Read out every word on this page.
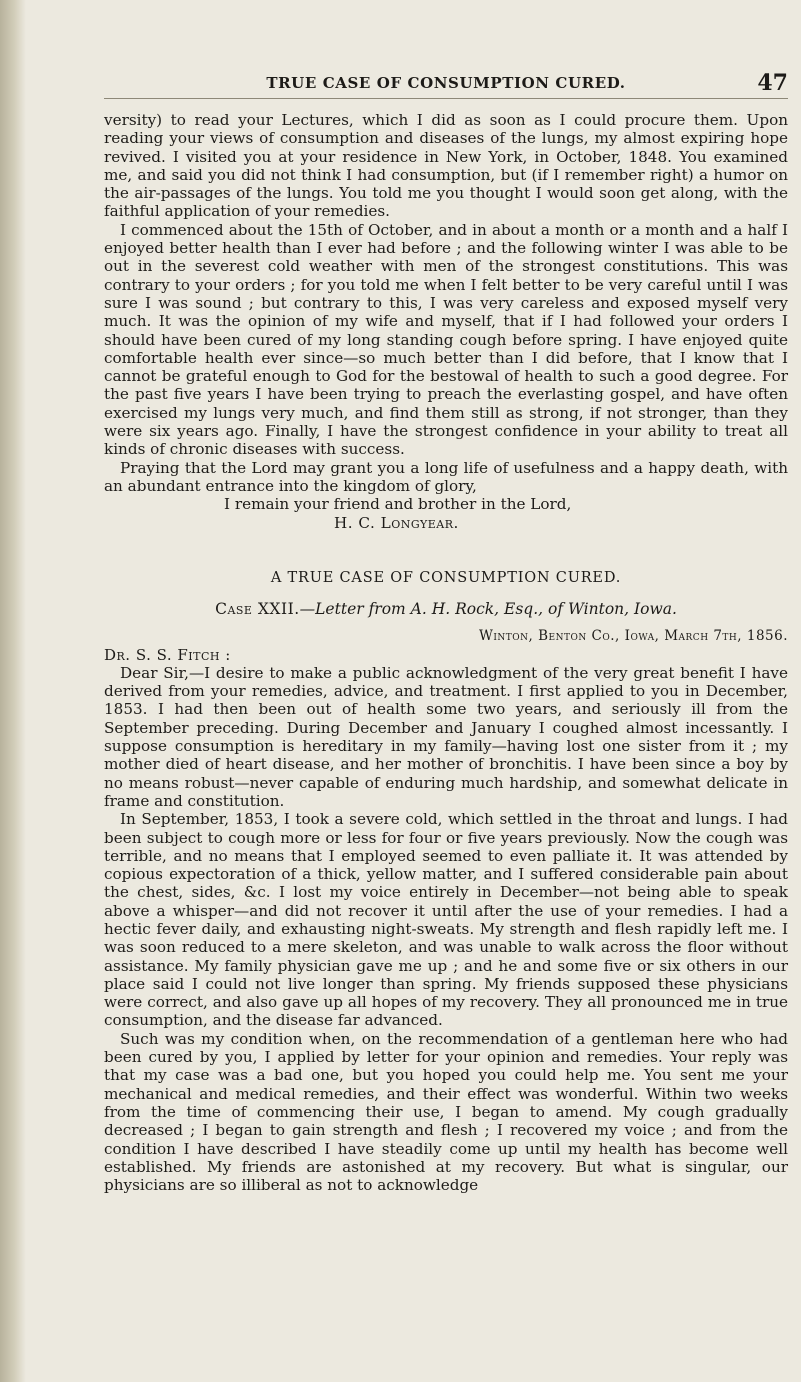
TRUE CASE OF CONSUMPTION CURED.	47

versity) to read your Lectures, which I did as soon as I could procure them. Upon reading your views of consumption and diseases of the lungs, my almost expiring hope revived. I visited you at your residence in New York, in October, 1848. You examined me, and said you did not think I had consumption, but (if I remember right) a humor on the air-passages of the lungs. You told me you thought I would soon get along, with the faithful application of your remedies.

I commenced about the 15th of October, and in about a month or a month and a half I enjoyed better health than I ever had before ; and the following winter I was able to be out in the severest cold weather with men of the strongest constitutions. This was contrary to your orders ; for you told me when I felt better to be very careful until I was sure I was sound ; but contrary to this, I was very careless and exposed myself very much. It was the opinion of my wife and myself, that if I had followed your orders I should have been cured of my long standing cough before spring. I have enjoyed quite comfortable health ever since—so much better than I did before, that I know that I cannot be grateful enough to God for the bestowal of health to such a good degree. For the past five years I have been trying to preach the everlasting gospel, and have often exercised my lungs very much, and find them still as strong, if not stronger, than they were six years ago. Finally, I have the strongest confidence in your ability to treat all kinds of chronic diseases with success.

Praying that the Lord may grant you a long life of usefulness and a happy death, with an abundant entrance into the kingdom of glory,
I remain your friend and brother in the Lord,
H. C. Longyear.
A TRUE CASE OF CONSUMPTION CURED.
Case XXII.—Letter from A. H. Rock, Esq., of Winton, Iowa.
Winton, Benton Co., Iowa, March 7th, 1856.
Dr. S. S. Fitch :

Dear Sir,—I desire to make a public acknowledgment of the very great benefit I have derived from your remedies, advice, and treatment. I first applied to you in December, 1853. I had then been out of health some two years, and seriously ill from the September preceding. During December and January I coughed almost incessantly. I suppose consumption is hereditary in my family—having lost one sister from it ; my mother died of heart disease, and her mother of bronchitis. I have been since a boy by no means robust—never capable of enduring much hardship, and somewhat delicate in frame and constitution.

In September, 1853, I took a severe cold, which settled in the throat and lungs. I had been subject to cough more or less for four or five years previously. Now the cough was terrible, and no means that I employed seemed to even palliate it. It was attended by copious expectoration of a thick, yellow matter, and I suffered considerable pain about the chest, sides, &c. I lost my voice entirely in December—not being able to speak above a whisper—and did not recover it until after the use of your remedies. I had a hectic fever daily, and exhausting night-sweats. My strength and flesh rapidly left me. I was soon reduced to a mere skeleton, and was unable to walk across the floor without assistance. My family physician gave me up ; and he and some five or six others in our place said I could not live longer than spring. My friends supposed these physicians were correct, and also gave up all hopes of my recovery. They all pronounced me in true consumption, and the disease far advanced.

Such was my condition when, on the recommendation of a gentleman here who had been cured by you, I applied by letter for your opinion and remedies. Your reply was that my case was a bad one, but you hoped you could help me. You sent me your mechanical and medical remedies, and their effect was wonderful. Within two weeks from the time of commencing their use, I began to amend. My cough gradually decreased ; I began to gain strength and flesh ; I recovered my voice ; and from the condition I have described I have steadily come up until my health has become well established. My friends are astonished at my recovery. But what is singular, our physicians are so illiberal as not to acknowledge
